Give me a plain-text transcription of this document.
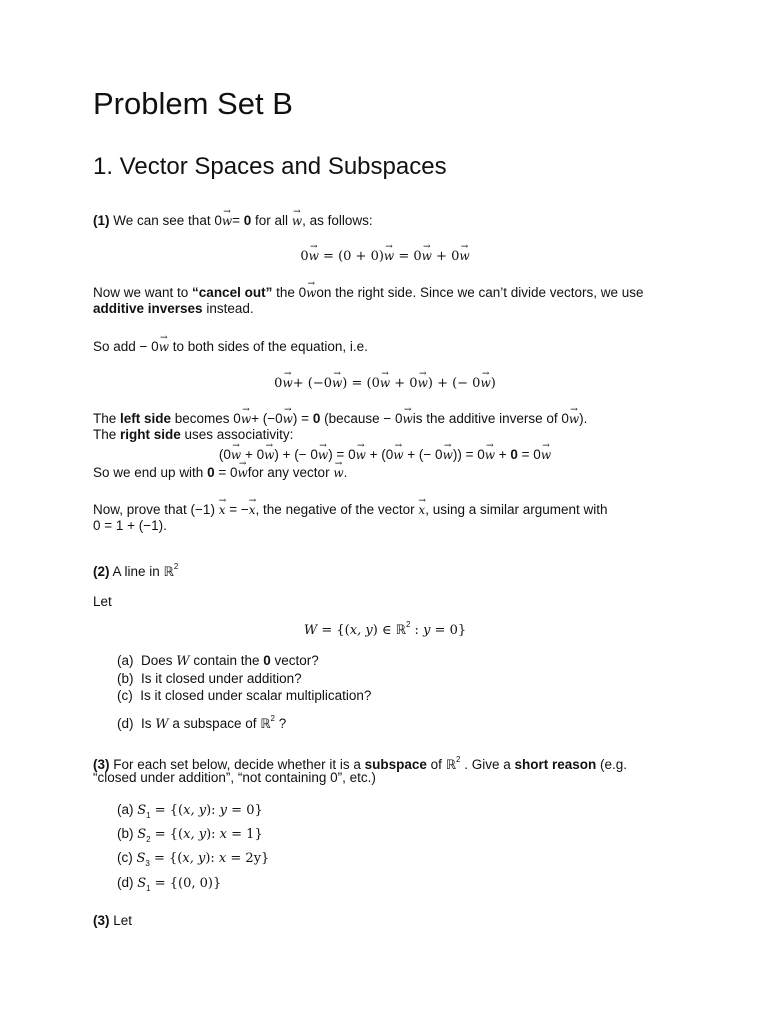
Problem Set B
1. Vector Spaces and Subspaces
(1) We can see that 0→ w= 0 for all → w, as follows:
0→ w = (0 + 0)→ w = 0→ w + 0→ w
Now we want to “cancel out” the 0→ won the right side. Since we can’t divide vectors, we use
additive inverses instead.
So add − 0→ w to both sides of the equation, i.e.
0→ w+ (−0→ w) = (0→ w + 0→ w) + (− 0→ w)
The left side becomes 0→ w+ (−0→ w) = 0 (because − 0→ wis the additive inverse of 0→ w).
The right side uses associativity:
(0→ w + 0→ w) + (− 0→ w) = 0→ w + (0→ w + (− 0→ w)) = 0→ w + 0 = 0→ w
So we end up with 0 = 0→ wfor any vector → w.
Now, prove that (−1) → x = −→ x, the negative of the vector → x, using a similar argument with
0 = 1 + (−1).
(2) A line in ℝ$^2$
Let
W = {(x, y) ∈ ℝ$^2$ : y = 0}
(a) Does W contain the 0 vector?
(b) Is it closed under addition?
(c) Is it closed under scalar multiplication?
(d) Is W a subspace of ℝ$^2$ ?
(3) For each set below, decide whether it is a subspace of ℝ$^2$ . Give a short reason (e.g.
“closed under addition”, “not containing 0”, etc.)
(a) $S_1 = \{(x$, y): y = 0}
(b) $S_2 = \{(x$, y): x = 1}
(c) $S_3 = \{(x$, y): x = 2y}
(d) $S_1 = \{(0$, 0)}
(3) Let
